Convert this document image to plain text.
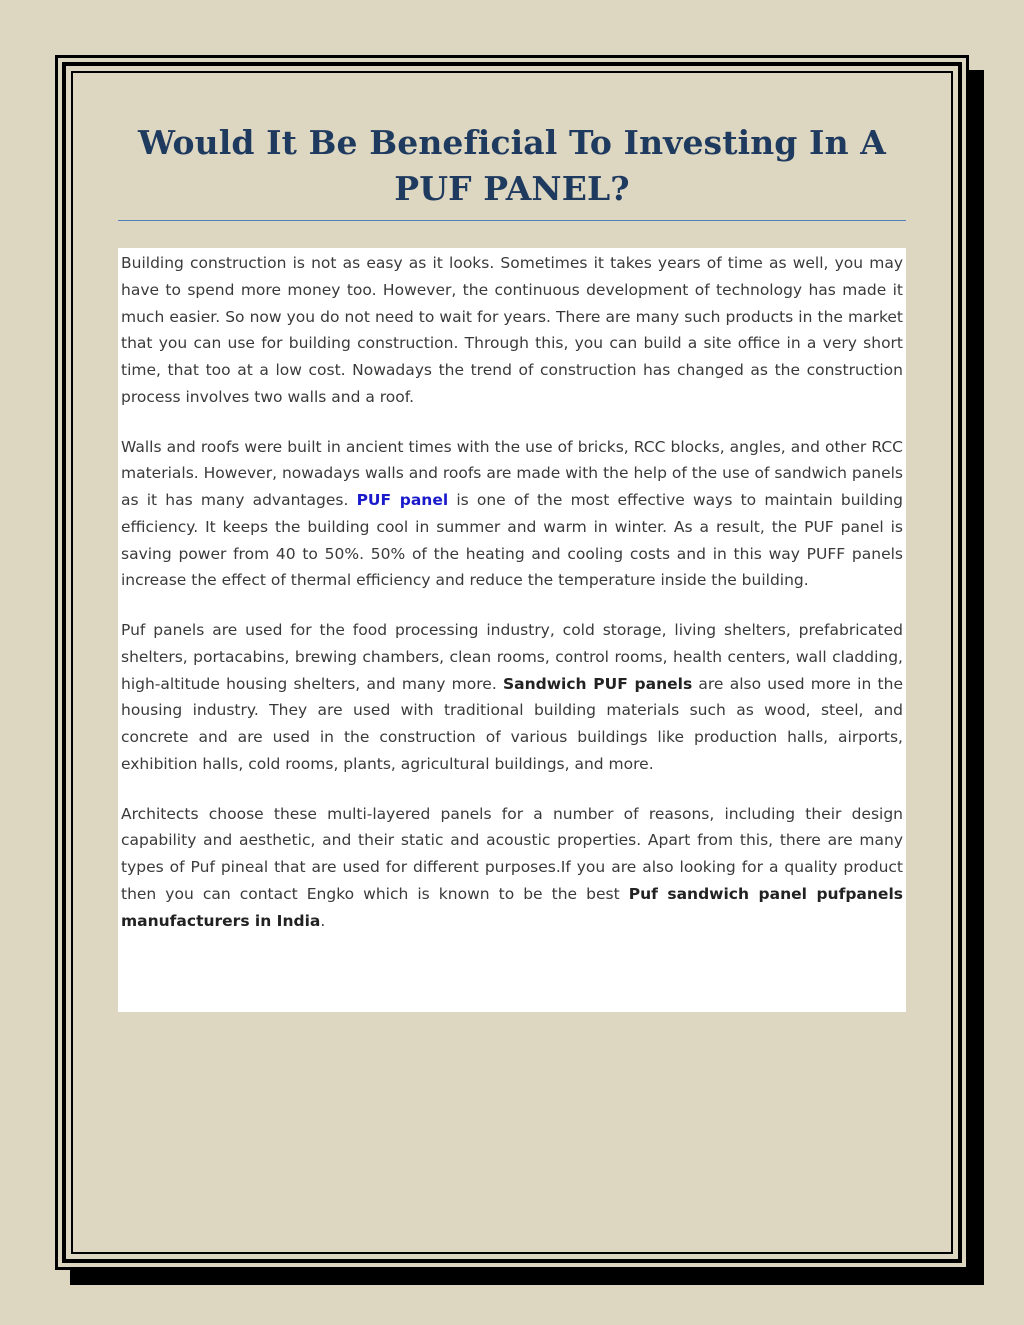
Would It Be Beneficial To Investing In A PUF PANEL?

Building construction is not as easy as it looks. Sometimes it takes years of time as well, you may have to spend more money too. However, the continuous development of technology has made it much easier. So now you do not need to wait for years. There are many such products in the market that you can use for building construction. Through this, you can build a site office in a very short time, that too at a low cost. Nowadays the trend of construction has changed as the construction process involves two walls and a roof.

Walls and roofs were built in ancient times with the use of bricks, RCC blocks, angles, and other RCC materials. However, nowadays walls and roofs are made with the help of the use of sandwich panels as it has many advantages. PUF panel is one of the most effective ways to maintain building efficiency. It keeps the building cool in summer and warm in winter. As a result, the PUF panel is saving power from 40 to 50%. 50% of the heating and cooling costs and in this way PUFF panels increase the effect of thermal efficiency and reduce the temperature inside the building.

Puf panels are used for the food processing industry, cold storage, living shelters, prefabricated shelters, portacabins, brewing chambers, clean rooms, control rooms, health centers, wall cladding, high-altitude housing shelters, and many more. Sandwich PUF panels are also used more in the housing industry. They are used with traditional building materials such as wood, steel, and concrete and are used in the construction of various buildings like production halls, airports, exhibition halls, cold rooms, plants, agricultural buildings, and more.

Architects choose these multi-layered panels for a number of reasons, including their design capability and aesthetic, and their static and acoustic properties. Apart from this, there are many types of Puf pineal that are used for different purposes.If you are also looking for a quality product then you can contact Engko which is known to be the best Puf sandwich panel pufpanels manufacturers in India.
